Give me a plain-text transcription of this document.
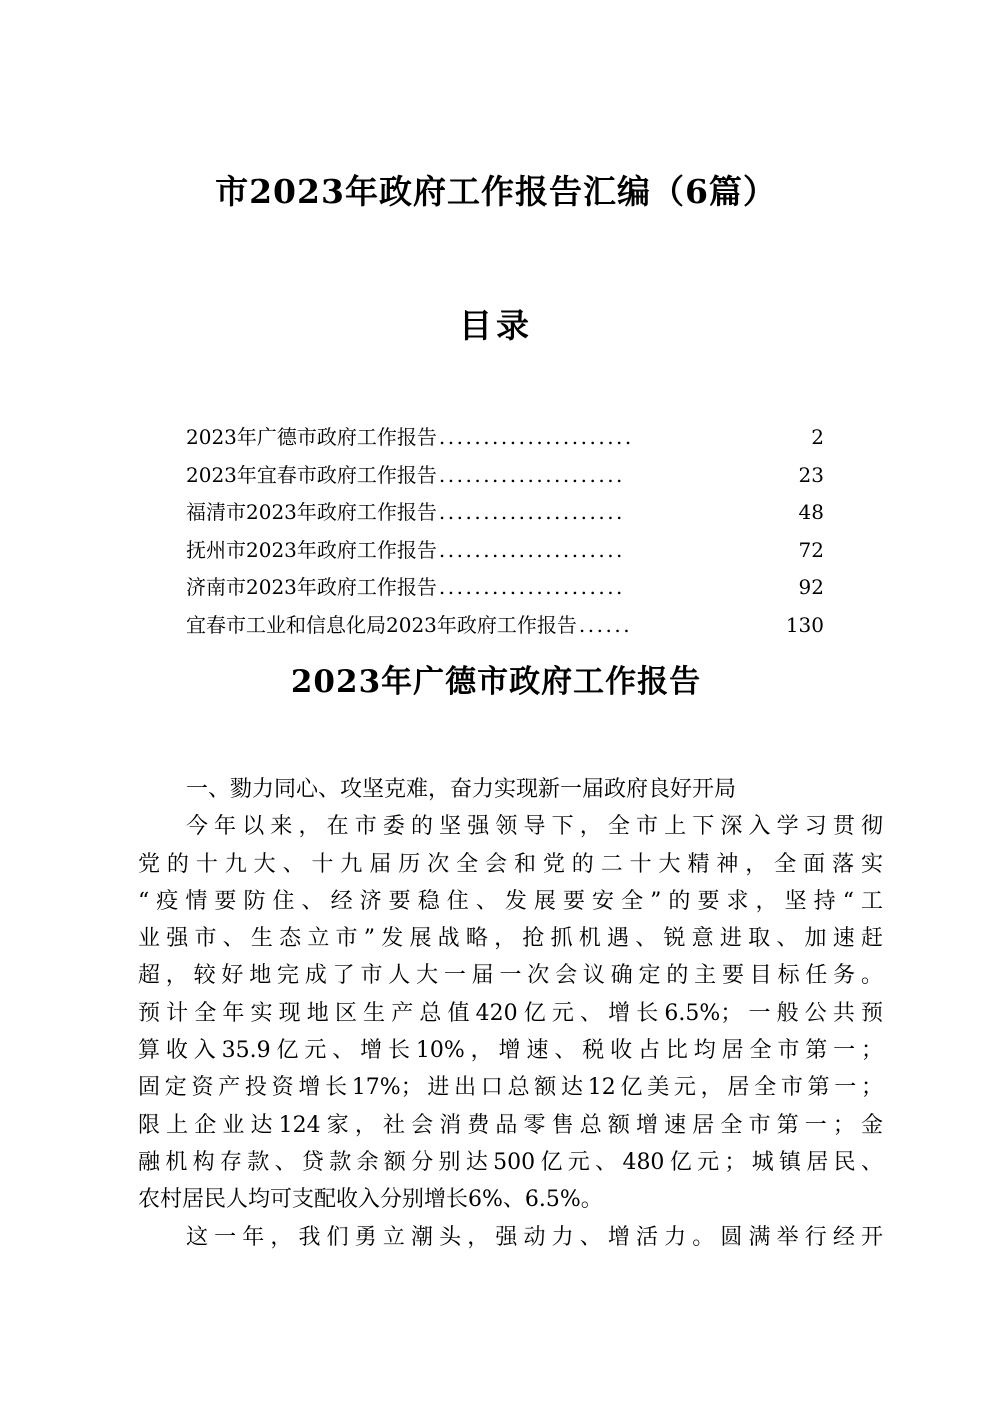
市2023年政府工作报告汇编（6篇）
目录
2023年广德市政府工作报告 ......................	2
2023年宜春市政府工作报告 .....................	23
福清市2023年政府工作报告 .....................	48
抚州市2023年政府工作报告 .....................	72
济南市2023年政府工作报告 .....................	92
宜春市工业和信息化局2023年政府工作报告 ......	130
2023年广德市政府工作报告
一、勠力同心、攻坚克难，奋力实现新一届政府良好开局
今年以来，在市委的坚强领导下，全市上下深入学习贯彻
党的十九大、十九届历次全会和党的二十大精神，全面落实
“疫情要防住、经济要稳住、发展要安全”的要求，坚持“工
业强市、生态立市”发展战略，抢抓机遇、锐意进取、加速赶
超，较好地完成了市人大一届一次会议确定的主要目标任务。
预计全年实现地区生产总值420亿元、增长6.5%；一般公共预
算收入35.9亿元、增长10%，增速、税收占比均居全市第一；
固定资产投资增长17%；进出口总额达12亿美元，居全市第一；
限上企业达124家，社会消费品零售总额增速居全市第一；金
融机构存款、贷款余额分别达500亿元、480亿元；城镇居民、
农村居民人均可支配收入分别增长6%、6.5%。
这一年，我们勇立潮头，强动力、增活力。圆满举行经开
